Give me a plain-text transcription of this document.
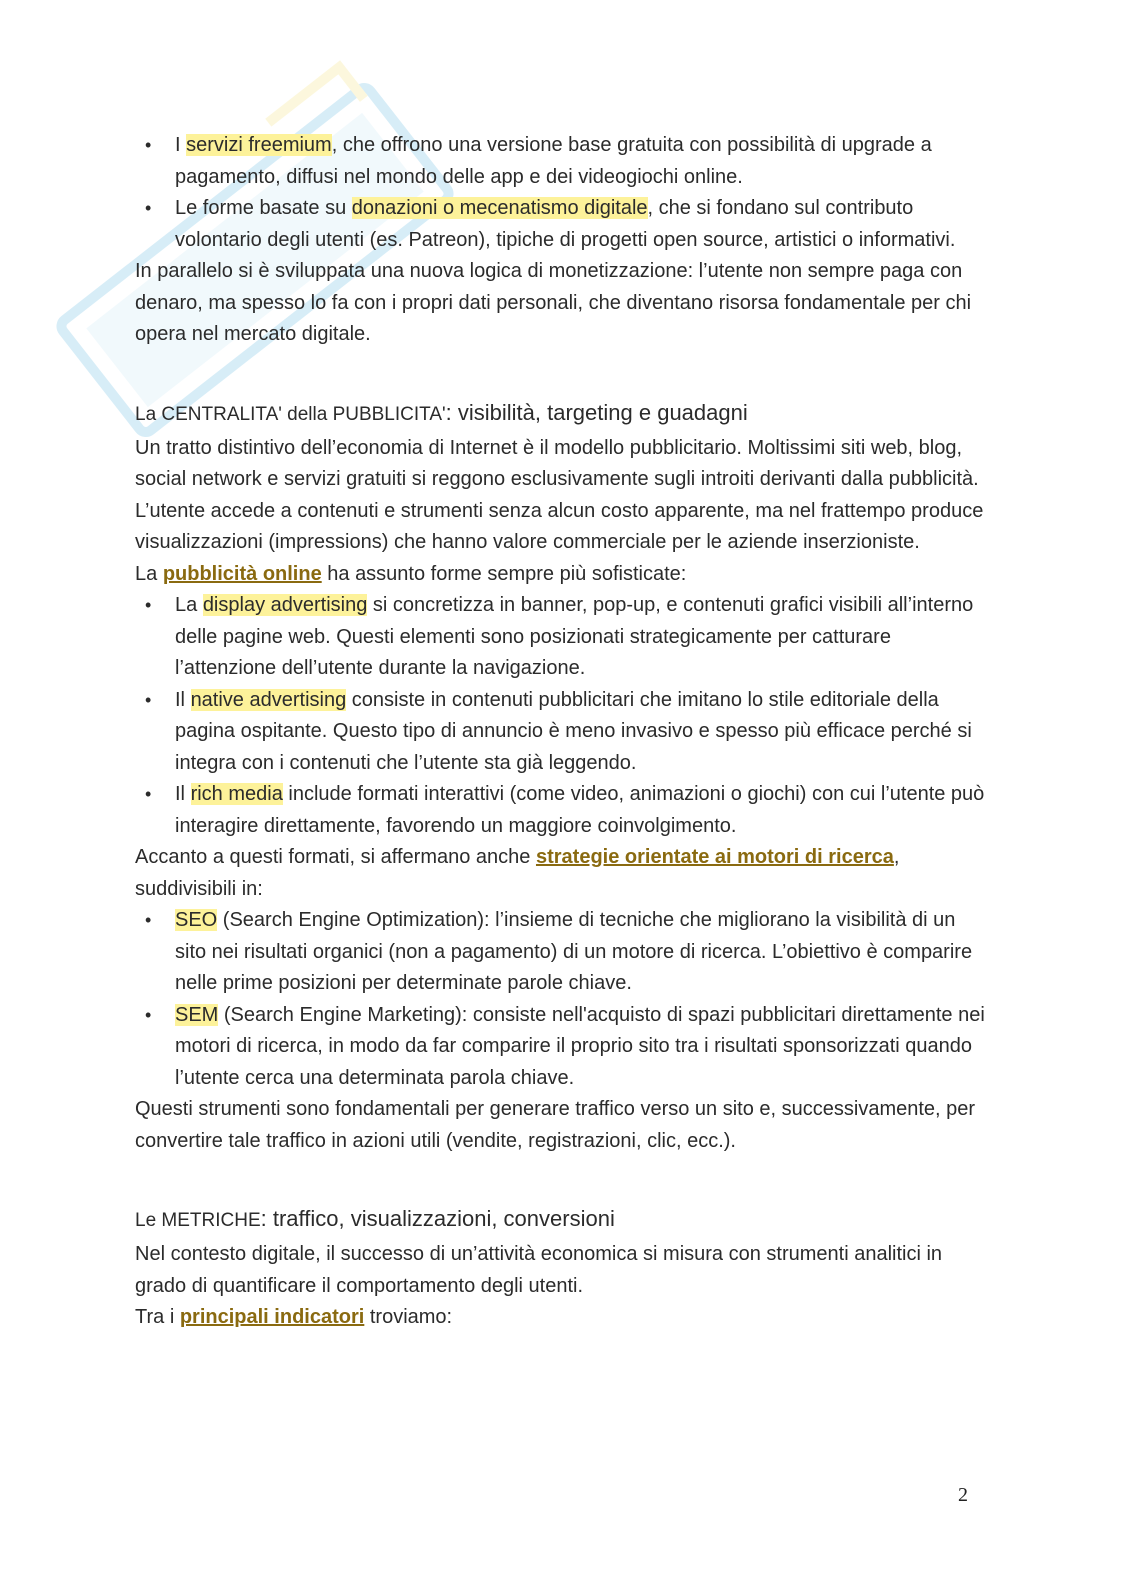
• I servizi freemium, che offrono una versione base gratuita con possibilità di upgrade a pagamento, diffusi nel mondo delle app e dei videogiochi online.
• Le forme basate su donazioni o mecenatismo digitale, che si fondano sul contributo volontario degli utenti (es. Patreon), tipiche di progetti open source, artistici o informativi.

In parallelo si è sviluppata una nuova logica di monetizzazione: l’utente non sempre paga con denaro, ma spesso lo fa con i propri dati personali, che diventano risorsa fondamentale per chi opera nel mercato digitale.

La CENTRALITA' della PUBBLICITA': visibilità, targeting e guadagni

Un tratto distintivo dell’economia di Internet è il modello pubblicitario. Moltissimi siti web, blog, social network e servizi gratuiti si reggono esclusivamente sugli introiti derivanti dalla pubblicità. L’utente accede a contenuti e strumenti senza alcun costo apparente, ma nel frattempo produce visualizzazioni (impressions) che hanno valore commerciale per le aziende inserzioniste.

La pubblicità online ha assunto forme sempre più sofisticate:

• La display advertising si concretizza in banner, pop-up, e contenuti grafici visibili all’interno delle pagine web. Questi elementi sono posizionati strategicamente per catturare l’attenzione dell’utente durante la navigazione.
• Il native advertising consiste in contenuti pubblicitari che imitano lo stile editoriale della pagina ospitante. Questo tipo di annuncio è meno invasivo e spesso più efficace perché si integra con i contenuti che l’utente sta già leggendo.
• Il rich media include formati interattivi (come video, animazioni o giochi) con cui l’utente può interagire direttamente, favorendo un maggiore coinvolgimento.

Accanto a questi formati, si affermano anche strategie orientate ai motori di ricerca, suddivisibili in:

• SEO (Search Engine Optimization): l’insieme di tecniche che migliorano la visibilità di un sito nei risultati organici (non a pagamento) di un motore di ricerca. L’obiettivo è comparire nelle prime posizioni per determinate parole chiave.
• SEM (Search Engine Marketing): consiste nell'acquisto di spazi pubblicitari direttamente nei motori di ricerca, in modo da far comparire il proprio sito tra i risultati sponsorizzati quando l’utente cerca una determinata parola chiave.

Questi strumenti sono fondamentali per generare traffico verso un sito e, successivamente, per convertire tale traffico in azioni utili (vendite, registrazioni, clic, ecc.).

Le METRICHE: traffico, visualizzazioni, conversioni

Nel contesto digitale, il successo di un’attività economica si misura con strumenti analitici in grado di quantificare il comportamento degli utenti.

Tra i principali indicatori troviamo:

2
